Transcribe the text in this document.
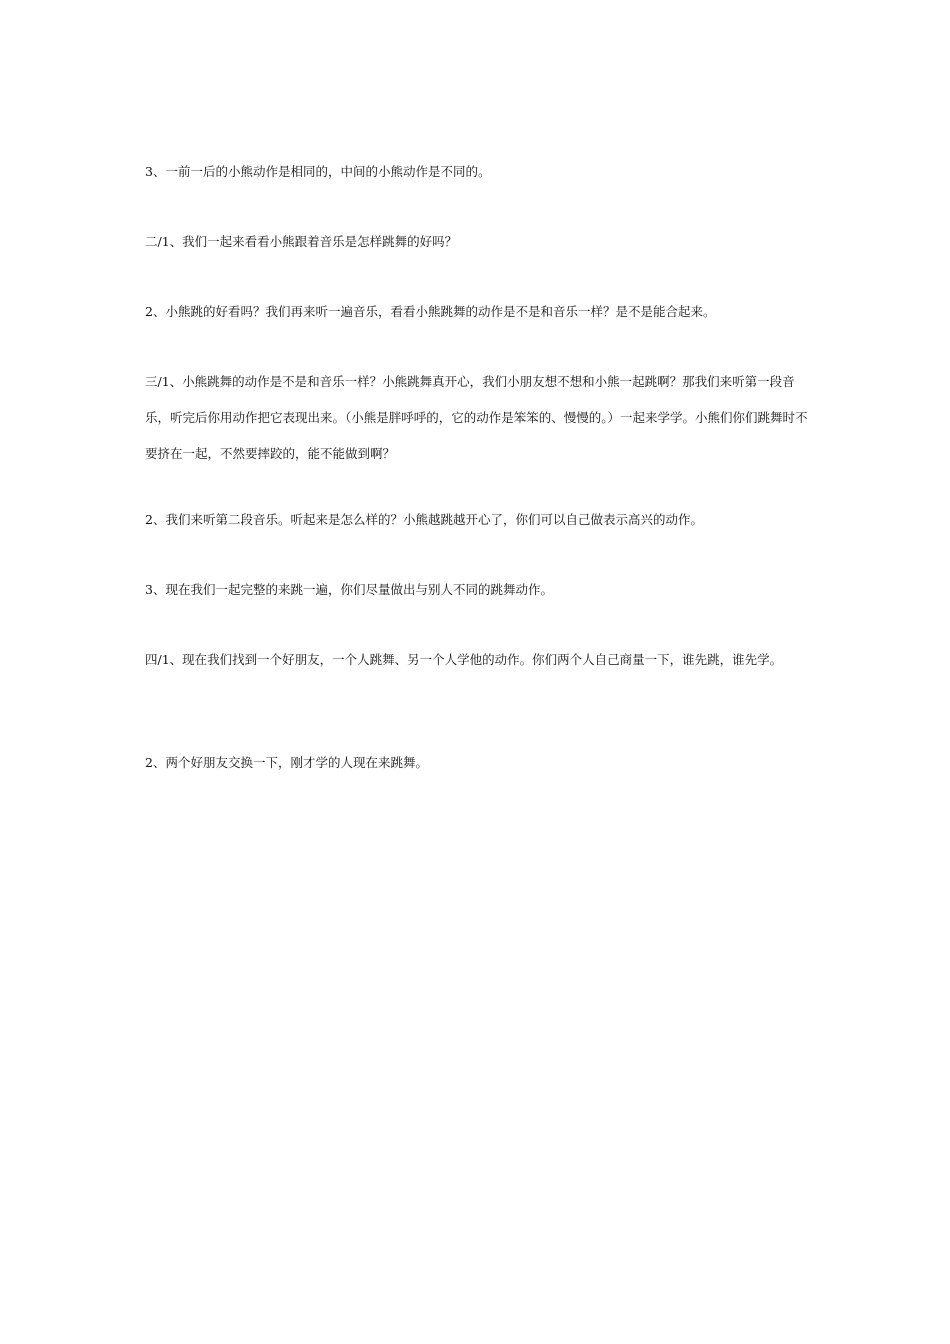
3、一前一后的小熊动作是相同的，中间的小熊动作是不同的。

二/1、我们一起来看看小熊跟着音乐是怎样跳舞的好吗？

2、小熊跳的好看吗？我们再来听一遍音乐，看看小熊跳舞的动作是不是和音乐一样？是不是能合起来。

三/1、小熊跳舞的动作是不是和音乐一样？小熊跳舞真开心，我们小朋友想不想和小熊一起跳啊？那我们来听第一段音乐，听完后你用动作把它表现出来。（小熊是胖呼呼的，它的动作是笨笨的、慢慢的。）一起来学学。小熊们你们跳舞时不要挤在一起，不然要摔跤的，能不能做到啊？

2、我们来听第二段音乐。听起来是怎么样的？小熊越跳越开心了，你们可以自己做表示高兴的动作。

3、现在我们一起完整的来跳一遍，你们尽量做出与别人不同的跳舞动作。

四/1、现在我们找到一个好朋友，一个人跳舞、另一个人学他的动作。你们两个人自己商量一下，谁先跳，谁先学。

2、两个好朋友交换一下，刚才学的人现在来跳舞。
